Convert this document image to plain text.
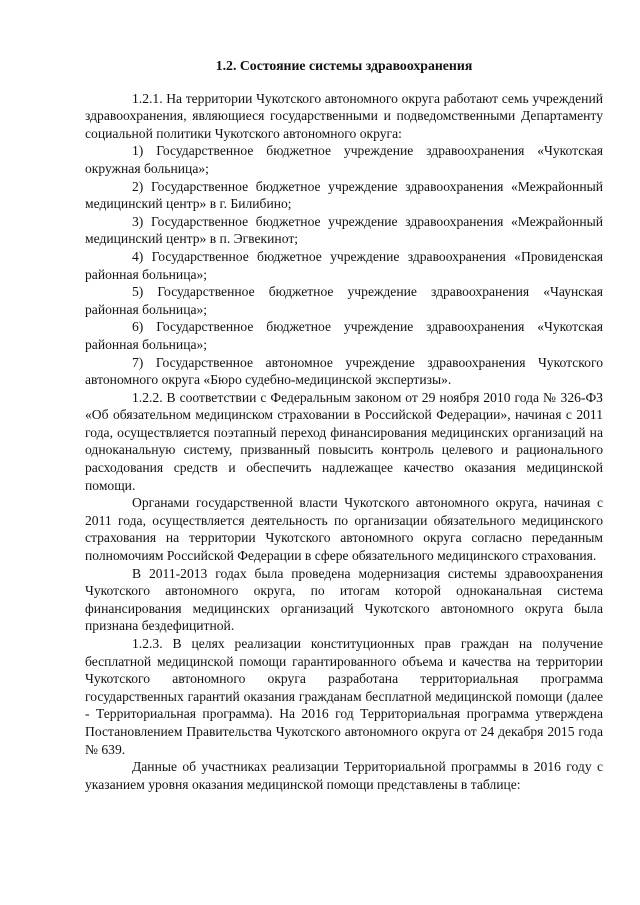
1.2. Состояние системы здравоохранения

1.2.1. На территории Чукотского автономного округа работают семь учреждений здравоохранения, являющиеся государственными и подведомственными Департаменту социальной политики Чукотского автономного округа:

1) Государственное бюджетное учреждение здравоохранения «Чукотская окружная больница»;

2) Государственное бюджетное учреждение здравоохранения «Межрайонный медицинский центр» в г. Билибино;

3) Государственное бюджетное учреждение здравоохранения «Межрайонный медицинский центр» в п. Эгвекинот;

4) Государственное бюджетное учреждение здравоохранения «Провиденская районная больница»;

5) Государственное бюджетное учреждение здравоохранения «Чаунская районная больница»;

6) Государственное бюджетное учреждение здравоохранения «Чукотская районная больница»;

7) Государственное автономное учреждение здравоохранения Чукотского автономного округа «Бюро судебно-медицинской экспертизы».

1.2.2. В соответствии с Федеральным законом от 29 ноября 2010 года № 326-ФЗ «Об обязательном медицинском страховании в Российской Федерации», начиная с 2011 года, осуществляется поэтапный переход финансирования медицинских организаций на одноканальную систему, призванный повысить контроль целевого и рационального расходования средств и обеспечить надлежащее качество оказания медицинской помощи.

Органами государственной власти Чукотского автономного округа, начиная с 2011 года, осуществляется деятельность по организации обязательного медицинского страхования на территории Чукотского автономного округа согласно переданным полномочиям Российской Федерации в сфере обязательного медицинского страхования.

В 2011-2013 годах была проведена модернизация системы здравоохранения Чукотского автономного округа, по итогам которой одноканальная система финансирования медицинских организаций Чукотского автономного округа была признана бездефицитной.

1.2.3. В целях реализации конституционных прав граждан на получение бесплатной медицинской помощи гарантированного объема и качества на территории Чукотского автономного округа разработана территориальная программа государственных гарантий оказания гражданам бесплатной медицинской помощи (далее - Территориальная программа). На 2016 год Территориальная программа утверждена Постановлением Правительства Чукотского автономного округа от 24 декабря 2015 года № 639.

Данные об участниках реализации Территориальной программы в 2016 году с указанием уровня оказания медицинской помощи представлены в таблице:
